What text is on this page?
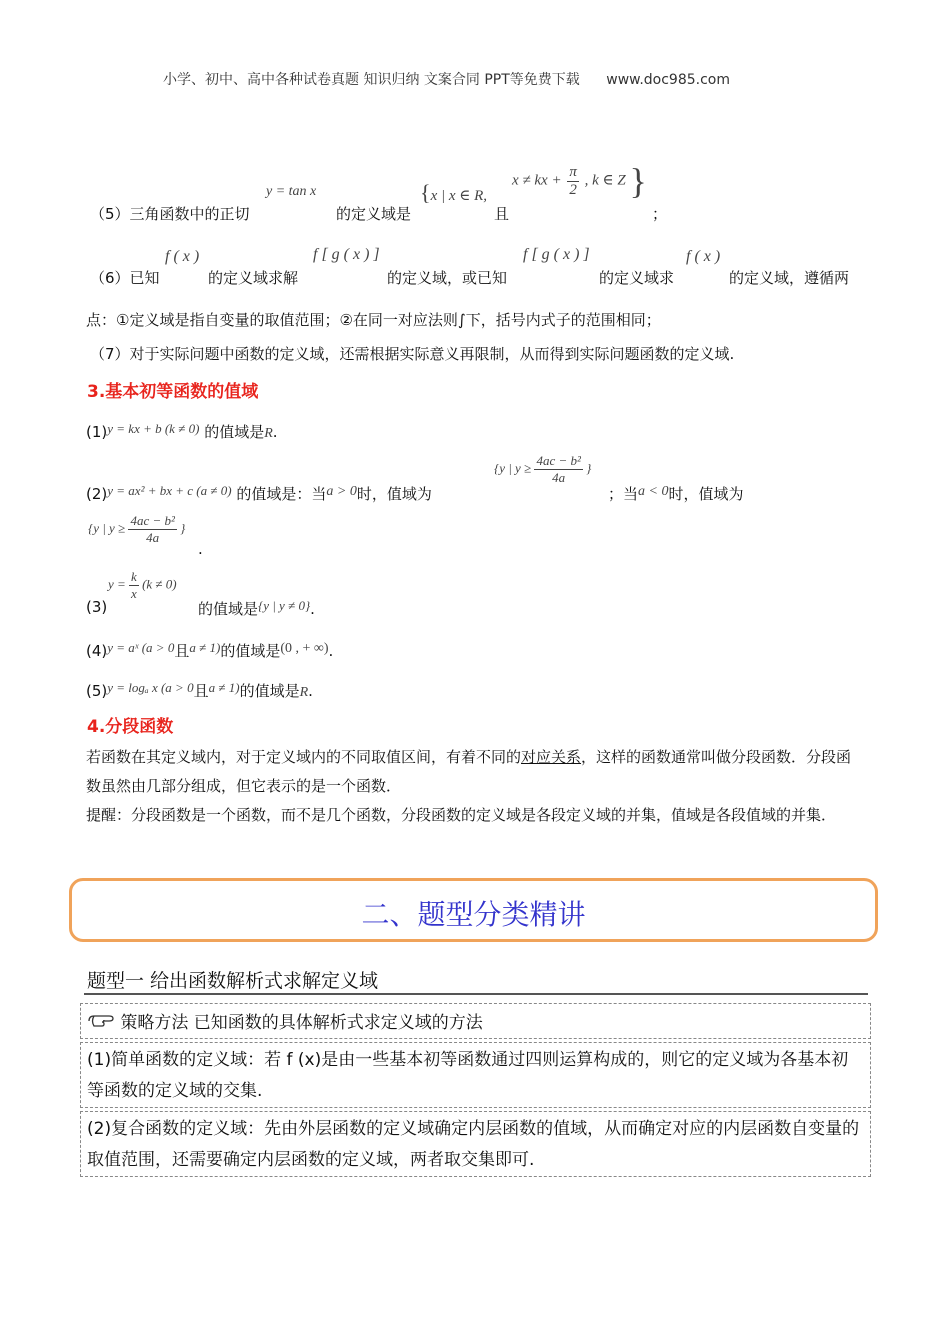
小学、初中、高中各种试卷真题 知识归纳 文案合同 PPT等免费下载 www.doc985.com
y = tan x	{x | x ∈ R,
x ≠ kx + $\frac{\pi}{2}$ , k ∈ Z }
（5）三角函数中的正切	的定义域是	且	；
f ( x )	f [ g ( x ) ]	f [ g ( x ) ]	f ( x )
（6）已知	的定义域求解	的定义域，或已知	的定义域求	的定义域，遵循两
点：①定义域是指自变量的取值范围；②在同一对应法则∫下，括号内式子的范围相同；
（7）对于实际问题中函数的定义域，还需根据实际意义再限制，从而得到实际问题函数的定义域.
3.基本初等函数的值域
(1)y = kx + b (k ≠ 0) 的值域是R.
(2)y = ax² + bx + c (a ≠ 0) 的值域是：当a > 0时，值域为
{y | $y \ge \frac{\text{4ac − b²}}{4a}$ }
；当a < 0时，值域为
{y | $y \ge \frac{\text{4ac − b²}}{4a}$ }
.
(3)
$y = \frac{k}{x} (k \ne 0)$
的值域是{y | y ≠ 0}.
(4)y = aˣ (a > 0且a ≠ 1)的值域是(0 , + ∞).
(5)y = logₐ x (a > 0且a ≠ 1)的值域是R.
4.分段函数
若函数在其定义域内，对于定义域内的不同取值区间，有着不同的对应关系，这样的函数通常叫做分段函数．分段函数虽然由几部分组成，但它表示的是一个函数．
提醒：分段函数是一个函数，而不是几个函数，分段函数的定义域是各段定义域的并集，值域是各段值域的并集．
二、题型分类精讲
题型一 给出函数解析式求解定义域
策略方法 已知函数的具体解析式求定义域的方法
(1)简单函数的定义域：若 f (x)是由一些基本初等函数通过四则运算构成的，则它的定义域为各基本初等函数的定义域的交集.
(2)复合函数的定义域：先由外层函数的定义域确定内层函数的值域，从而确定对应的内层函数自变量的取值范围，还需要确定内层函数的定义域，两者取交集即可.
